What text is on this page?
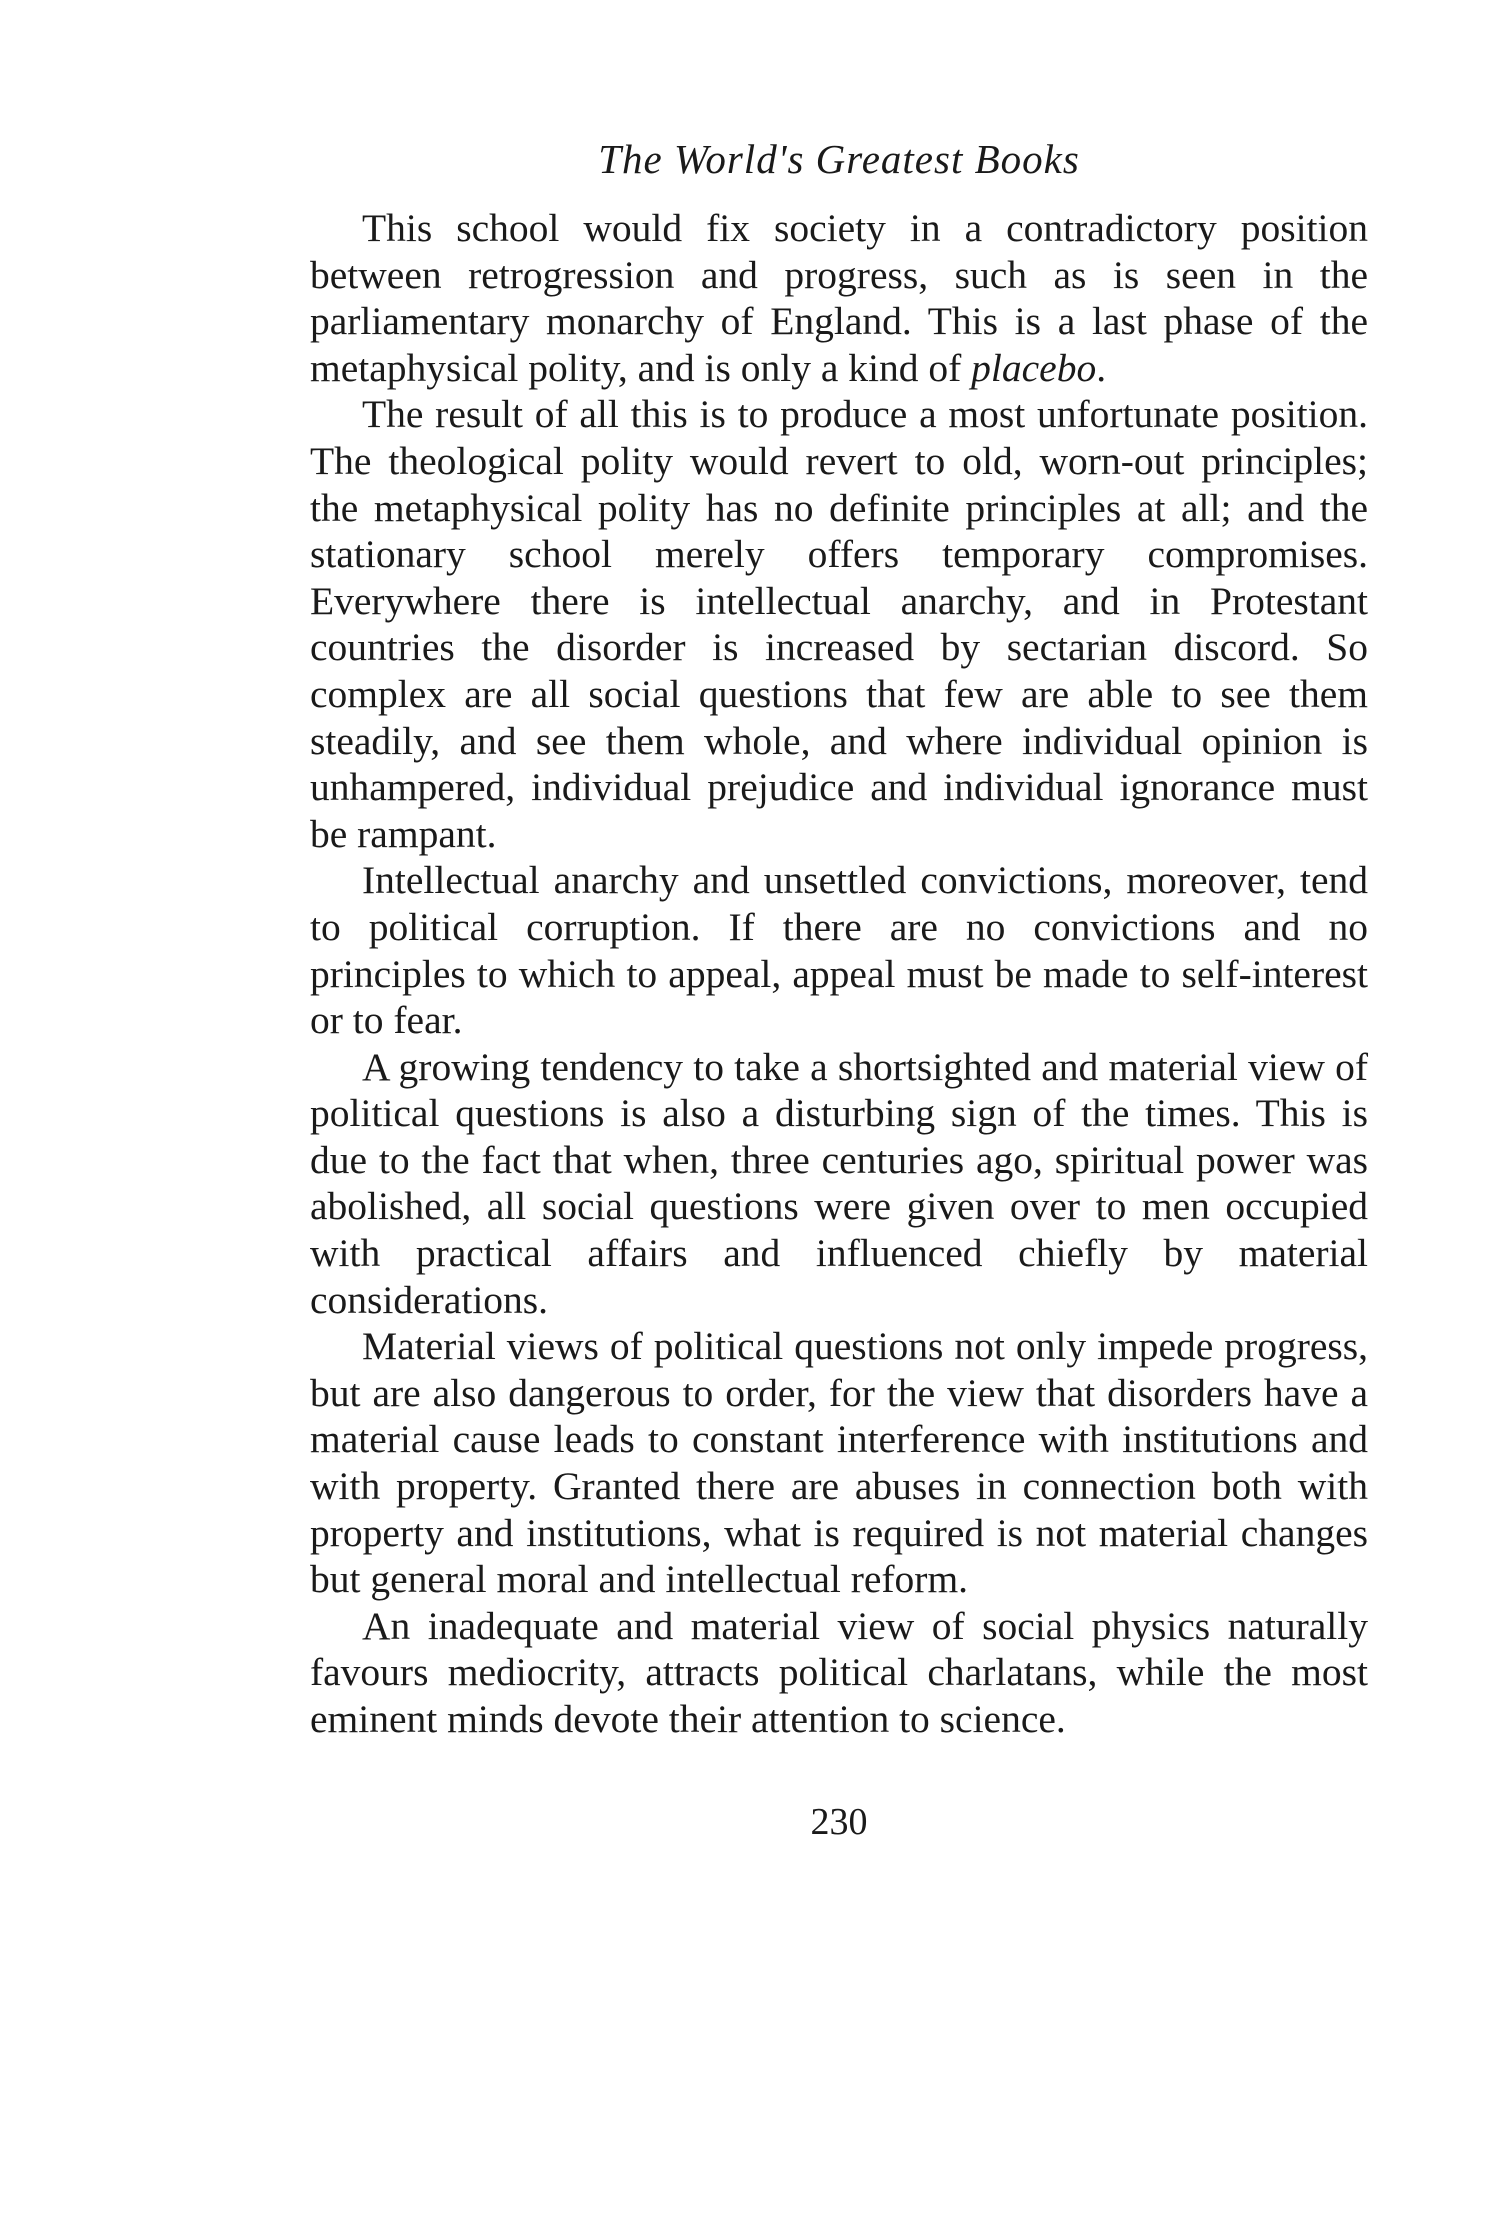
The World's Greatest Books

This school would fix society in a contradictory position between retrogression and progress, such as is seen in the parliamentary monarchy of England. This is a last phase of the metaphysical polity, and is only a kind of placebo.

The result of all this is to produce a most unfortunate position. The theological polity would revert to old, worn-out principles; the metaphysical polity has no definite principles at all; and the stationary school merely offers temporary compromises. Everywhere there is intellectual anarchy, and in Protestant countries the disorder is increased by sectarian discord. So complex are all social questions that few are able to see them steadily, and see them whole, and where individual opinion is unhampered, individual prejudice and individual ignorance must be rampant.

Intellectual anarchy and unsettled convictions, moreover, tend to political corruption. If there are no convictions and no principles to which to appeal, appeal must be made to self-interest or to fear.

A growing tendency to take a shortsighted and material view of political questions is also a disturbing sign of the times. This is due to the fact that when, three centuries ago, spiritual power was abolished, all social questions were given over to men occupied with practical affairs and influenced chiefly by material considerations.

Material views of political questions not only impede progress, but are also dangerous to order, for the view that disorders have a material cause leads to constant interference with institutions and with property. Granted there are abuses in connection both with property and institutions, what is required is not material changes but general moral and intellectual reform.

An inadequate and material view of social physics naturally favours mediocrity, attracts political charlatans, while the most eminent minds devote their attention to science.

230
